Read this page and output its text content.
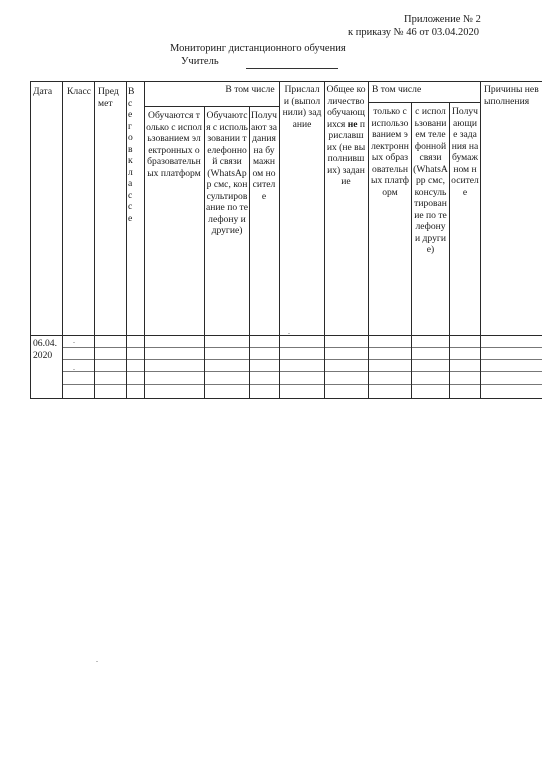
Приложение № 2
к приказу № 46 от 03.04.2020
Мониторинг дистанционного обучения
Учитель
Дата	Класс Предмет
Всего в классе
В том числе
Обучаются только с использованием электронных образовательных платформ
Обучаются с использовании телефонной связи (WhatsApp смс, консультирование по телефону и другие)
Получают задания на бумажном носителе
Прислали (выполнили) задание
Общее количество обучающихся не приславших (не выполнивших) задание
В том числе
только с использованием электронных образовательных платформ
с использованием телефонной связи (WhatsApp смс, консультирование по телефону и другие)
Получающие задания на бумажном носителе
Причины невыполнения
06.04.2020
.
.
.
.
